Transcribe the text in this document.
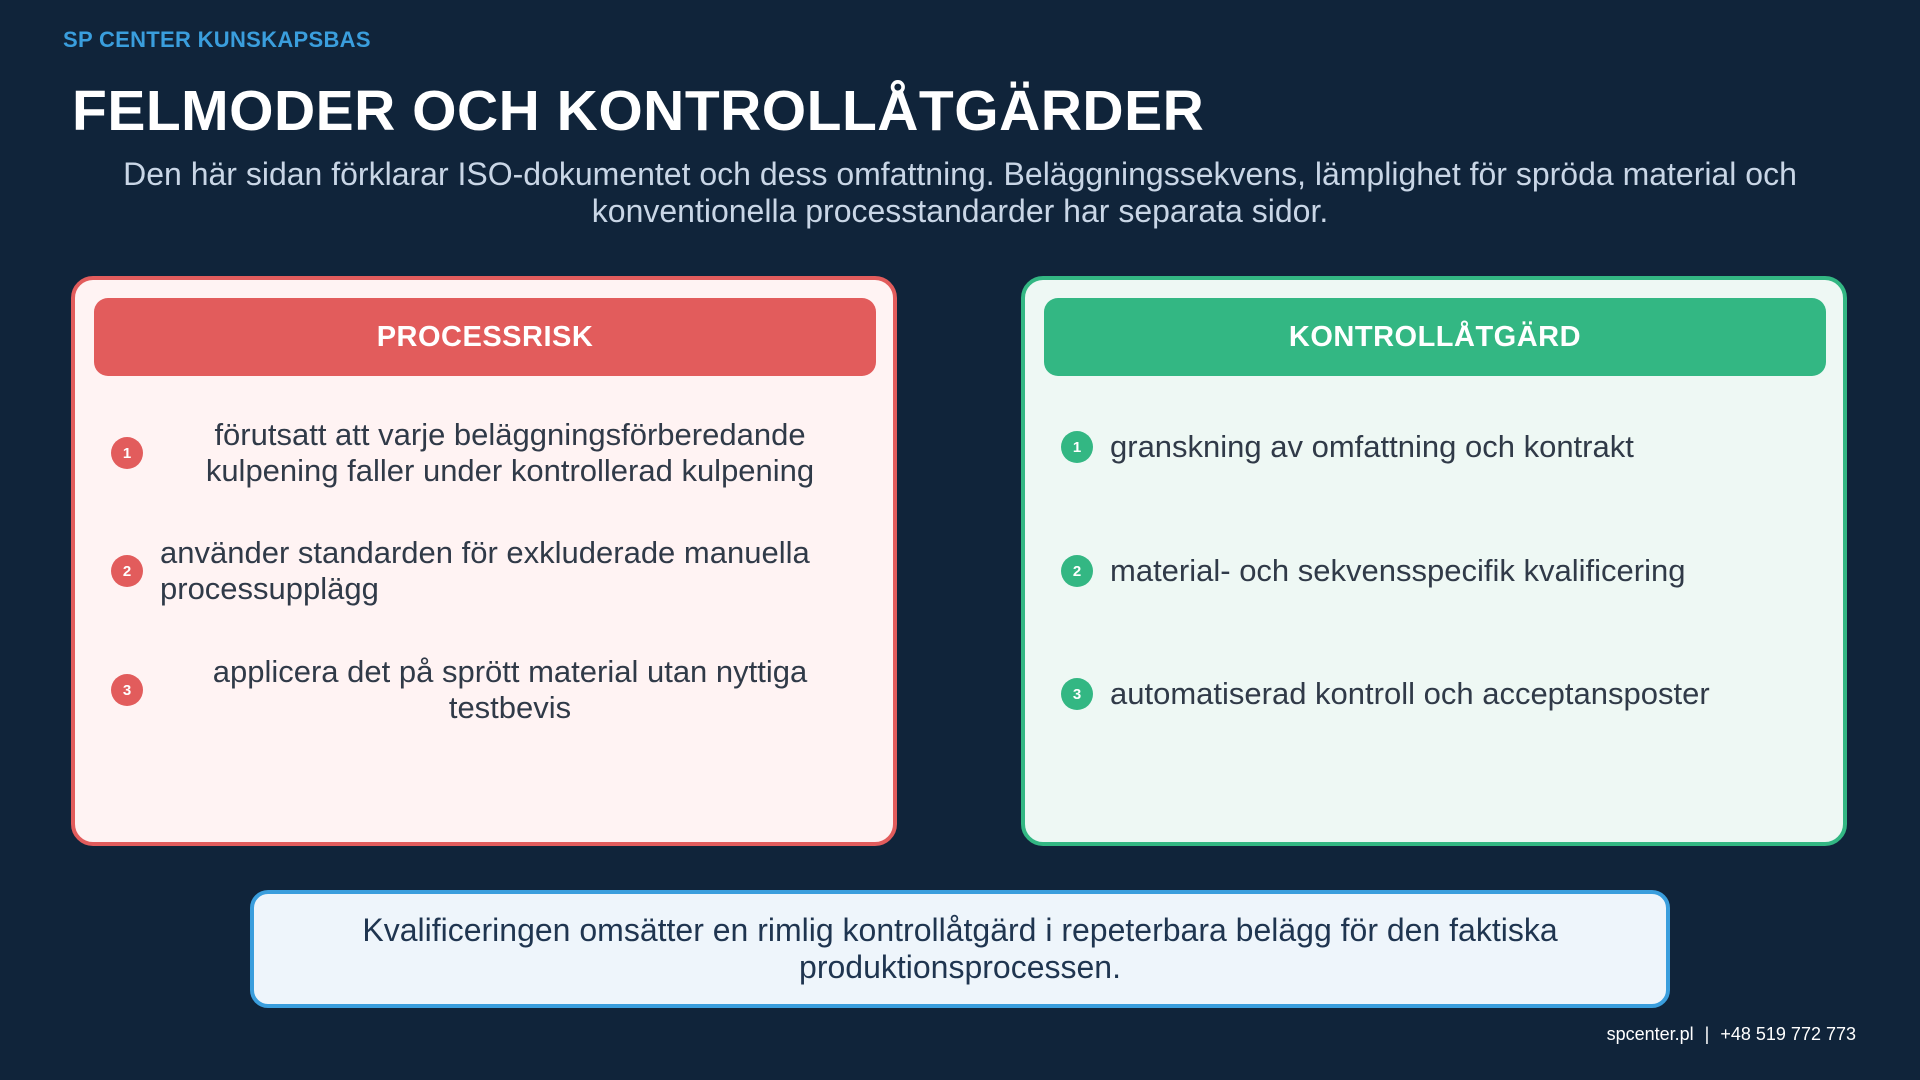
SP CENTER KUNSKAPSBAS
FELMODER OCH KONTROLLÅTGÄRDER

Den här sidan förklarar ISO-dokumentet och dess omfattning. Beläggningssekvens, lämplighet för spröda material och konventionella processtandarder har separata sidor.

PROCESSRISK
1
förutsatt att varje beläggningsförberedande kulpening faller under kontrollerad kulpening
2
använder standarden för exkluderade manuella processupplägg
3
applicera det på sprött material utan nyttiga testbevis
KONTROLLÅTGÄRD
1 granskning av omfattning och kontrakt
2 material- och sekvensspecifik kvalificering
3 automatiserad kontroll och acceptansposter
Kvalificeringen omsätter en rimlig kontrollåtgärd i repeterbara belägg för den faktiska produktionsprocessen.
spcenter.pl | +48 519 772 773
